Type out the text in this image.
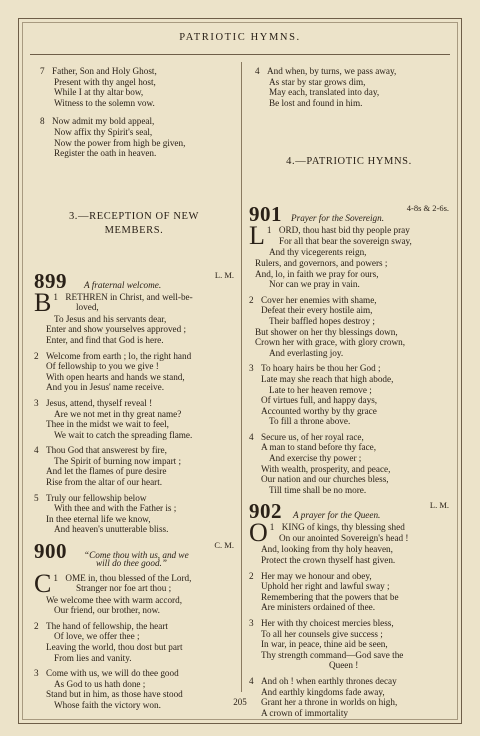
PATRIOTIC HYMNS.
7 Father, Son and Holy Ghost,
Present with thy angel host,
While I at thy altar bow,
Witness to the solemn vow.
8 Now admit my bold appeal,
Now affix thy Spirit's seal,
Now the power from high be given,
Register the oath in heaven.
3.—RECEPTION OF NEW
MEMBERS.
899 A fraternal welcome.
L. M.
1
B RETHREN in Christ, and well-be-
loved,
To Jesus and his servants dear,
Enter and show yourselves approved ;
Enter, and find that God is here.
2 Welcome from earth ; lo, the right hand
Of fellowship to you we give !
With open hearts and hands we stand,
And you in Jesus' name receive.
3 Jesus, attend, thyself reveal !
Are we not met in thy great name?
Thee in the midst we wait to feel,
We wait to catch the spreading flame.
4 Thou God that answerest by fire,
The Spirit of burning now impart ;
And let the flames of pure desire
Rise from the altar of our heart.
5 Truly our fellowship below
With thee and with the Father is ;
In thee eternal life we know,
And heaven's unutterable bliss.
900 “Come thou with us, and we
C. M.
will do thee good.”
1
C OME in, thou blessed of the Lord,
Stranger nor foe art thou ;
We welcome thee with warm accord,
Our friend, our brother, now.
2 The hand of fellowship, the heart
Of love, we offer thee ;
Leaving the world, thou dost but part
From lies and vanity.
3 Come with us, we will do thee good
As God to us hath done ;
Stand but in him, as those have stood
Whose faith the victory won.
4 And when, by turns, we pass away,
As star by star grows dim,
May each, translated into day,
Be lost and found in him.
4.—PATRIOTIC HYMNS.
901 Prayer for the Sovereign.
4-8s & 2-6s.
1
L ORD, thou hast bid thy people pray
For all that bear the sovereign sway,
And thy vicegerents reign,
Rulers, and governors, and powers ;
And, lo, in faith we pray for ours,
Nor can we pray in vain.
2 Cover her enemies with shame,
Defeat their every hostile aim,
Their baffled hopes destroy ;
But shower on her thy blessings down,
Crown her with grace, with glory crown,
And everlasting joy.
3 To hoary hairs be thou her God ;
Late may she reach that high abode,
Late to her heaven remove ;
Of virtues full, and happy days,
Accounted worthy by thy grace
To fill a throne above.
4 Secure us, of her royal race,
A man to stand before thy face,
And exercise thy power ;
With wealth, prosperity, and peace,
Our nation and our churches bless,
Till time shall be no more.
902 A prayer for the Queen.
L. M.
1
O KING of kings, thy blessing shed
On our anointed Sovereign's head !
And, looking from thy holy heaven,
Protect the crown thyself hast given.
2 Her may we honour and obey,
Uphold her right and lawful sway ;
Remembering that the powers that be
Are ministers ordained of thee.
3 Her with thy choicest mercies bless,
To all her counsels give success ;
In war, in peace, thine aid be seen,
Thy strength command—God save the
Queen !
4 And oh ! when earthly thrones decay
And earthly kingdoms fade away,
Grant her a throne in worlds on high,
A crown of immortality
205
